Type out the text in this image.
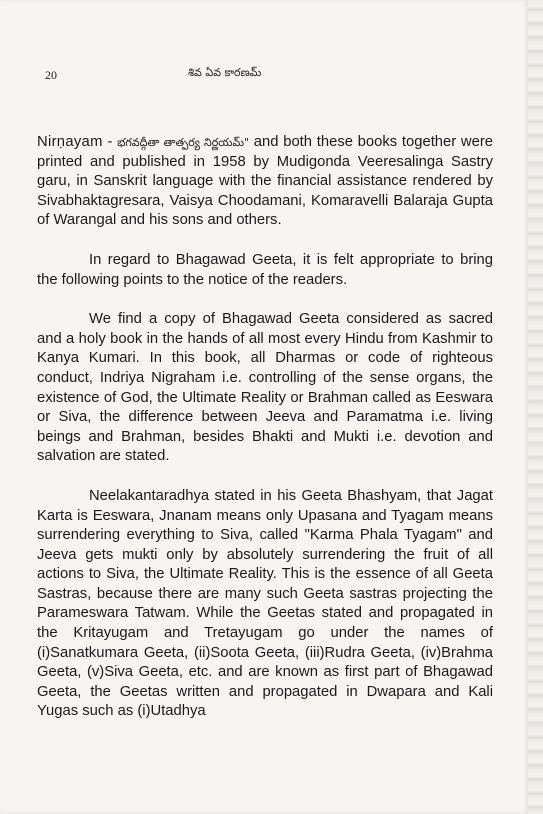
20	శివ ఏవ కారణమ్

Nirṇayam - భగవద్గీతా తాత్పర్య నిర్ణయమ్" and both these books together were printed and published in 1958 by Mudigonda Veeresalinga Sastry garu, in Sanskrit language with the financial assistance rendered by Sivabhaktagresara, Vaisya Choodamani, Komaravelli Balaraja Gupta of Warangal and his sons and others.

In regard to Bhagawad Geeta, it is felt appropriate to bring the following points to the notice of the readers.

We find a copy of Bhagawad Geeta considered as sacred and a holy book in the hands of all most every Hindu from Kashmir to Kanya Kumari. In this book, all Dharmas or code of righteous conduct, Indriya Nigraham i.e. controlling of the sense organs, the existence of God, the Ultimate Reality or Brahman called as Eeswara or Siva, the difference between Jeeva and Paramatma i.e. living beings and Brahman, besides Bhakti and Mukti i.e. devotion and salvation are stated.

Neelakantaradhya stated in his Geeta Bhashyam, that Jagat Karta is Eeswara, Jnanam means only Upasana and Tyagam means surrendering everything to Siva, called "Karma Phala Tyagam" and Jeeva gets mukti only by absolutely surrendering the fruit of all actions to Siva, the Ultimate Reality. This is the essence of all Geeta Sastras, because there are many such Geeta sastras projecting the Parameswara Tatwam. While the Geetas stated and propagated in the Kritayugam and Tretayugam go under the names of (i)Sanatkumara Geeta, (ii)Soota Geeta, (iii)Rudra Geeta, (iv)Brahma Geeta, (v)Siva Geeta, etc. and are known as first part of Bhagawad Geeta, the Geetas written and propagated in Dwapara and Kali Yugas such as (i)Utadhya
